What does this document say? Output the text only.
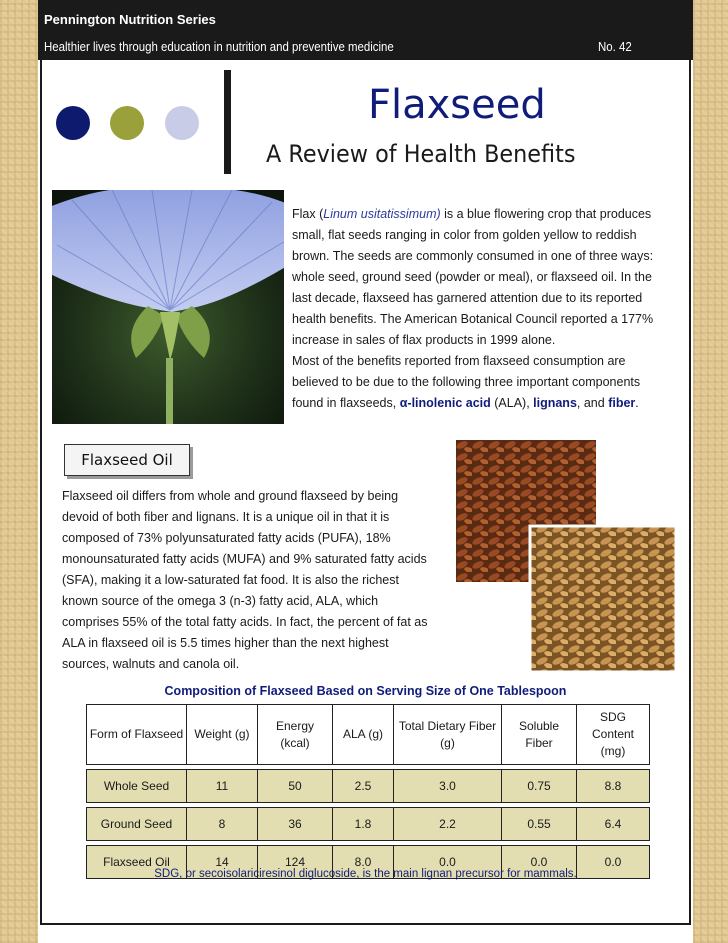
Pennington Nutrition Series
Healthier lives through education in nutrition and preventive medicine	No. 42
Flaxseed
A Review of Health Benefits

Flax (Linum usitatissimum) is a blue flowering crop that produces small, flat seeds ranging in color from golden yellow to reddish brown. The seeds are commonly consumed in one of three ways: whole seed, ground seed (powder or meal), or flaxseed oil. In the last decade, flaxseed has garnered attention due to its reported health benefits. The American Botanical Council reported a 177% increase in sales of flax products in 1999 alone.

Most of the benefits reported from flaxseed consumption are believed to be due to the following three important components found in flaxseeds, α-linolenic acid (ALA), lignans, and fiber.

Flaxseed Oil
Flaxseed oil differs from whole and ground flaxseed by being devoid of both fiber and lignans. It is a unique oil in that it is composed of 73% polyunsaturated fatty acids (PUFA), 18% monounsaturated fatty acids (MUFA) and 9% saturated fatty acids (SFA), making it a low-saturated fat food. It is also the richest known source of the omega 3 (n-3) fatty acid, ALA, which comprises 55% of the total fatty acids. In fact, the percent of fat as ALA in flaxseed oil is 5.5 times higher than the next highest sources, walnuts and canola oil.
Composition of Flaxseed Based on Serving Size of One Tablespoon
Form of Flaxseed	Weight (g)	Energy (kcal)	ALA (g)	Total Dietary Fiber (g)	Soluble Fiber	SDG Content (mg)

Whole Seed	11	50	2.5	3.0	0.75	8.8

Ground Seed	8	36	1.8	2.2	0.55	6.4

Flaxseed Oil	14	124	8.0	0.0	0.0	0.0
SDG, or secoisolariciresinol diglucoside, is the main lignan precursor for mammals.
